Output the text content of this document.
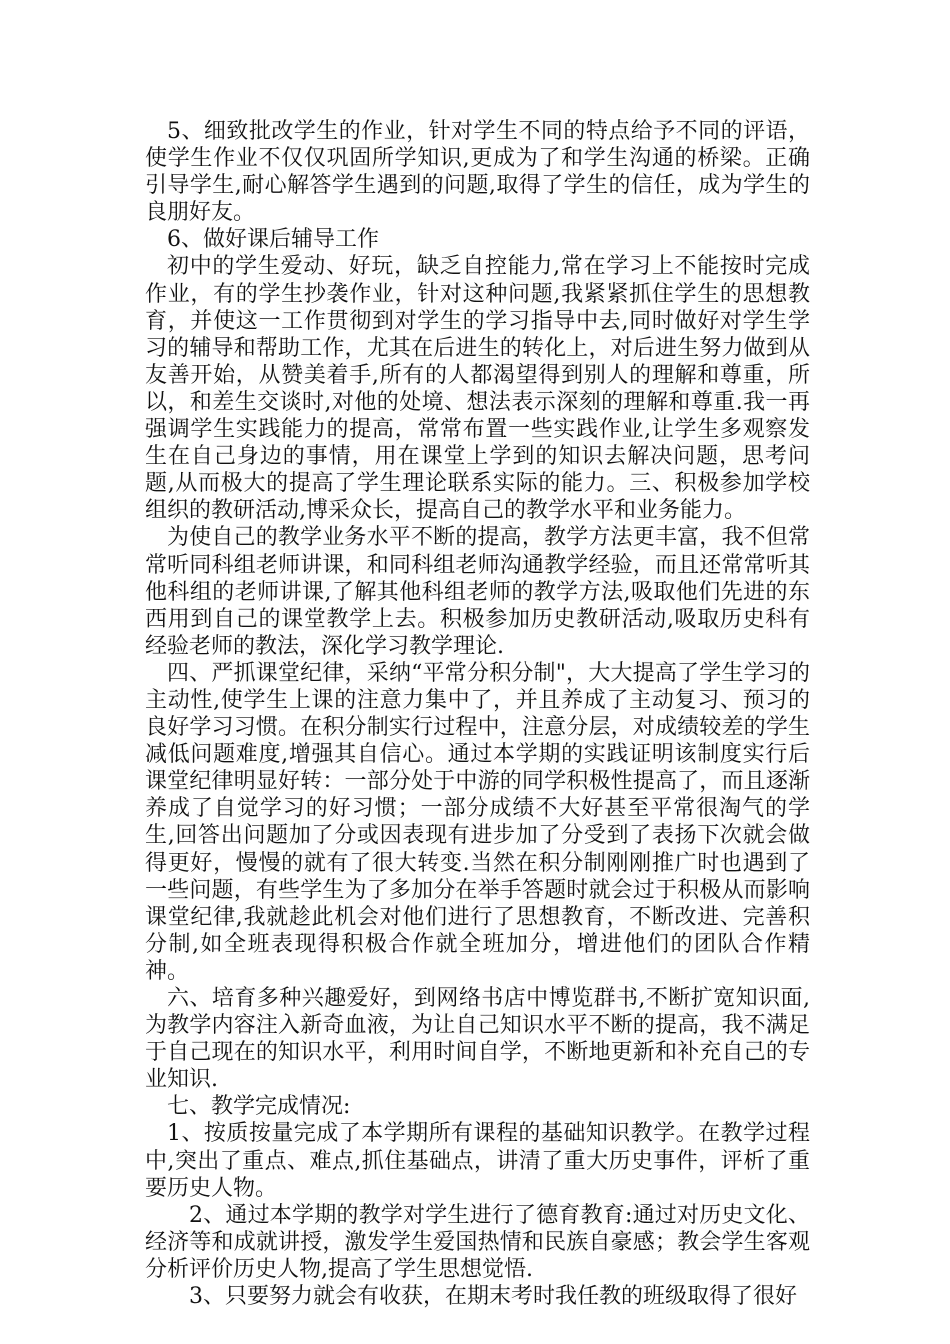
5、细致批改学生的作业，针对学生不同的特点给予不同的评语，使学生作业不仅仅巩固所学知识,更成为了和学生沟通的桥梁。正确引导学生,耐心解答学生遇到的问题,取得了学生的信任，成为学生的良朋好友。

6、做好课后辅导工作

初中的学生爱动、好玩，缺乏自控能力,常在学习上不能按时完成作业，有的学生抄袭作业，针对这种问题,我紧紧抓住学生的思想教育，并使这一工作贯彻到对学生的学习指导中去,同时做好对学生学习的辅导和帮助工作，尤其在后进生的转化上，对后进生努力做到从友善开始，从赞美着手,所有的人都渴望得到别人的理解和尊重，所以，和差生交谈时,对他的处境、想法表示深刻的理解和尊重.我一再强调学生实践能力的提高，常常布置一些实践作业,让学生多观察发生在自己身边的事情，用在课堂上学到的知识去解决问题，思考问题,从而极大的提高了学生理论联系实际的能力。三、积极参加学校组织的教研活动,博采众长，提高自己的教学水平和业务能力。

为使自己的教学业务水平不断的提高，教学方法更丰富，我不但常常听同科组老师讲课，和同科组老师沟通教学经验，而且还常常听其他科组的老师讲课,了解其他科组老师的教学方法,吸取他们先进的东西用到自己的课堂教学上去。积极参加历史教研活动,吸取历史科有经验老师的教法，深化学习教学理论.

四、严抓课堂纪律，采纳“平常分积分制"，大大提高了学生学习的主动性,使学生上课的注意力集中了，并且养成了主动复习、预习的良好学习习惯。在积分制实行过程中，注意分层，对成绩较差的学生减低问题难度,增强其自信心。通过本学期的实践证明该制度实行后课堂纪律明显好转：一部分处于中游的同学积极性提高了，而且逐渐养成了自觉学习的好习惯；一部分成绩不大好甚至平常很淘气的学生,回答出问题加了分或因表现有进步加了分受到了表扬下次就会做得更好，慢慢的就有了很大转变.当然在积分制刚刚推广时也遇到了一些问题，有些学生为了多加分在举手答题时就会过于积极从而影响课堂纪律,我就趁此机会对他们进行了思想教育，不断改进、完善积分制,如全班表现得积极合作就全班加分，增进他们的团队合作精神。

六、培育多种兴趣爱好，到网络书店中博览群书,不断扩宽知识面,为教学内容注入新奇血液，为让自己知识水平不断的提高，我不满足于自己现在的知识水平，利用时间自学，不断地更新和补充自己的专业知识.

七、教学完成情况:

1、按质按量完成了本学期所有课程的基础知识教学。在教学过程中,突出了重点、难点,抓住基础点，讲清了重大历史事件，评析了重要历史人物。

2、通过本学期的教学对学生进行了德育教育:通过对历史文化、经济等和成就讲授，激发学生爱国热情和民族自豪感；教会学生客观分析评价历史人物,提高了学生思想觉悟.

3、只要努力就会有收获，在期末考时我任教的班级取得了很好
